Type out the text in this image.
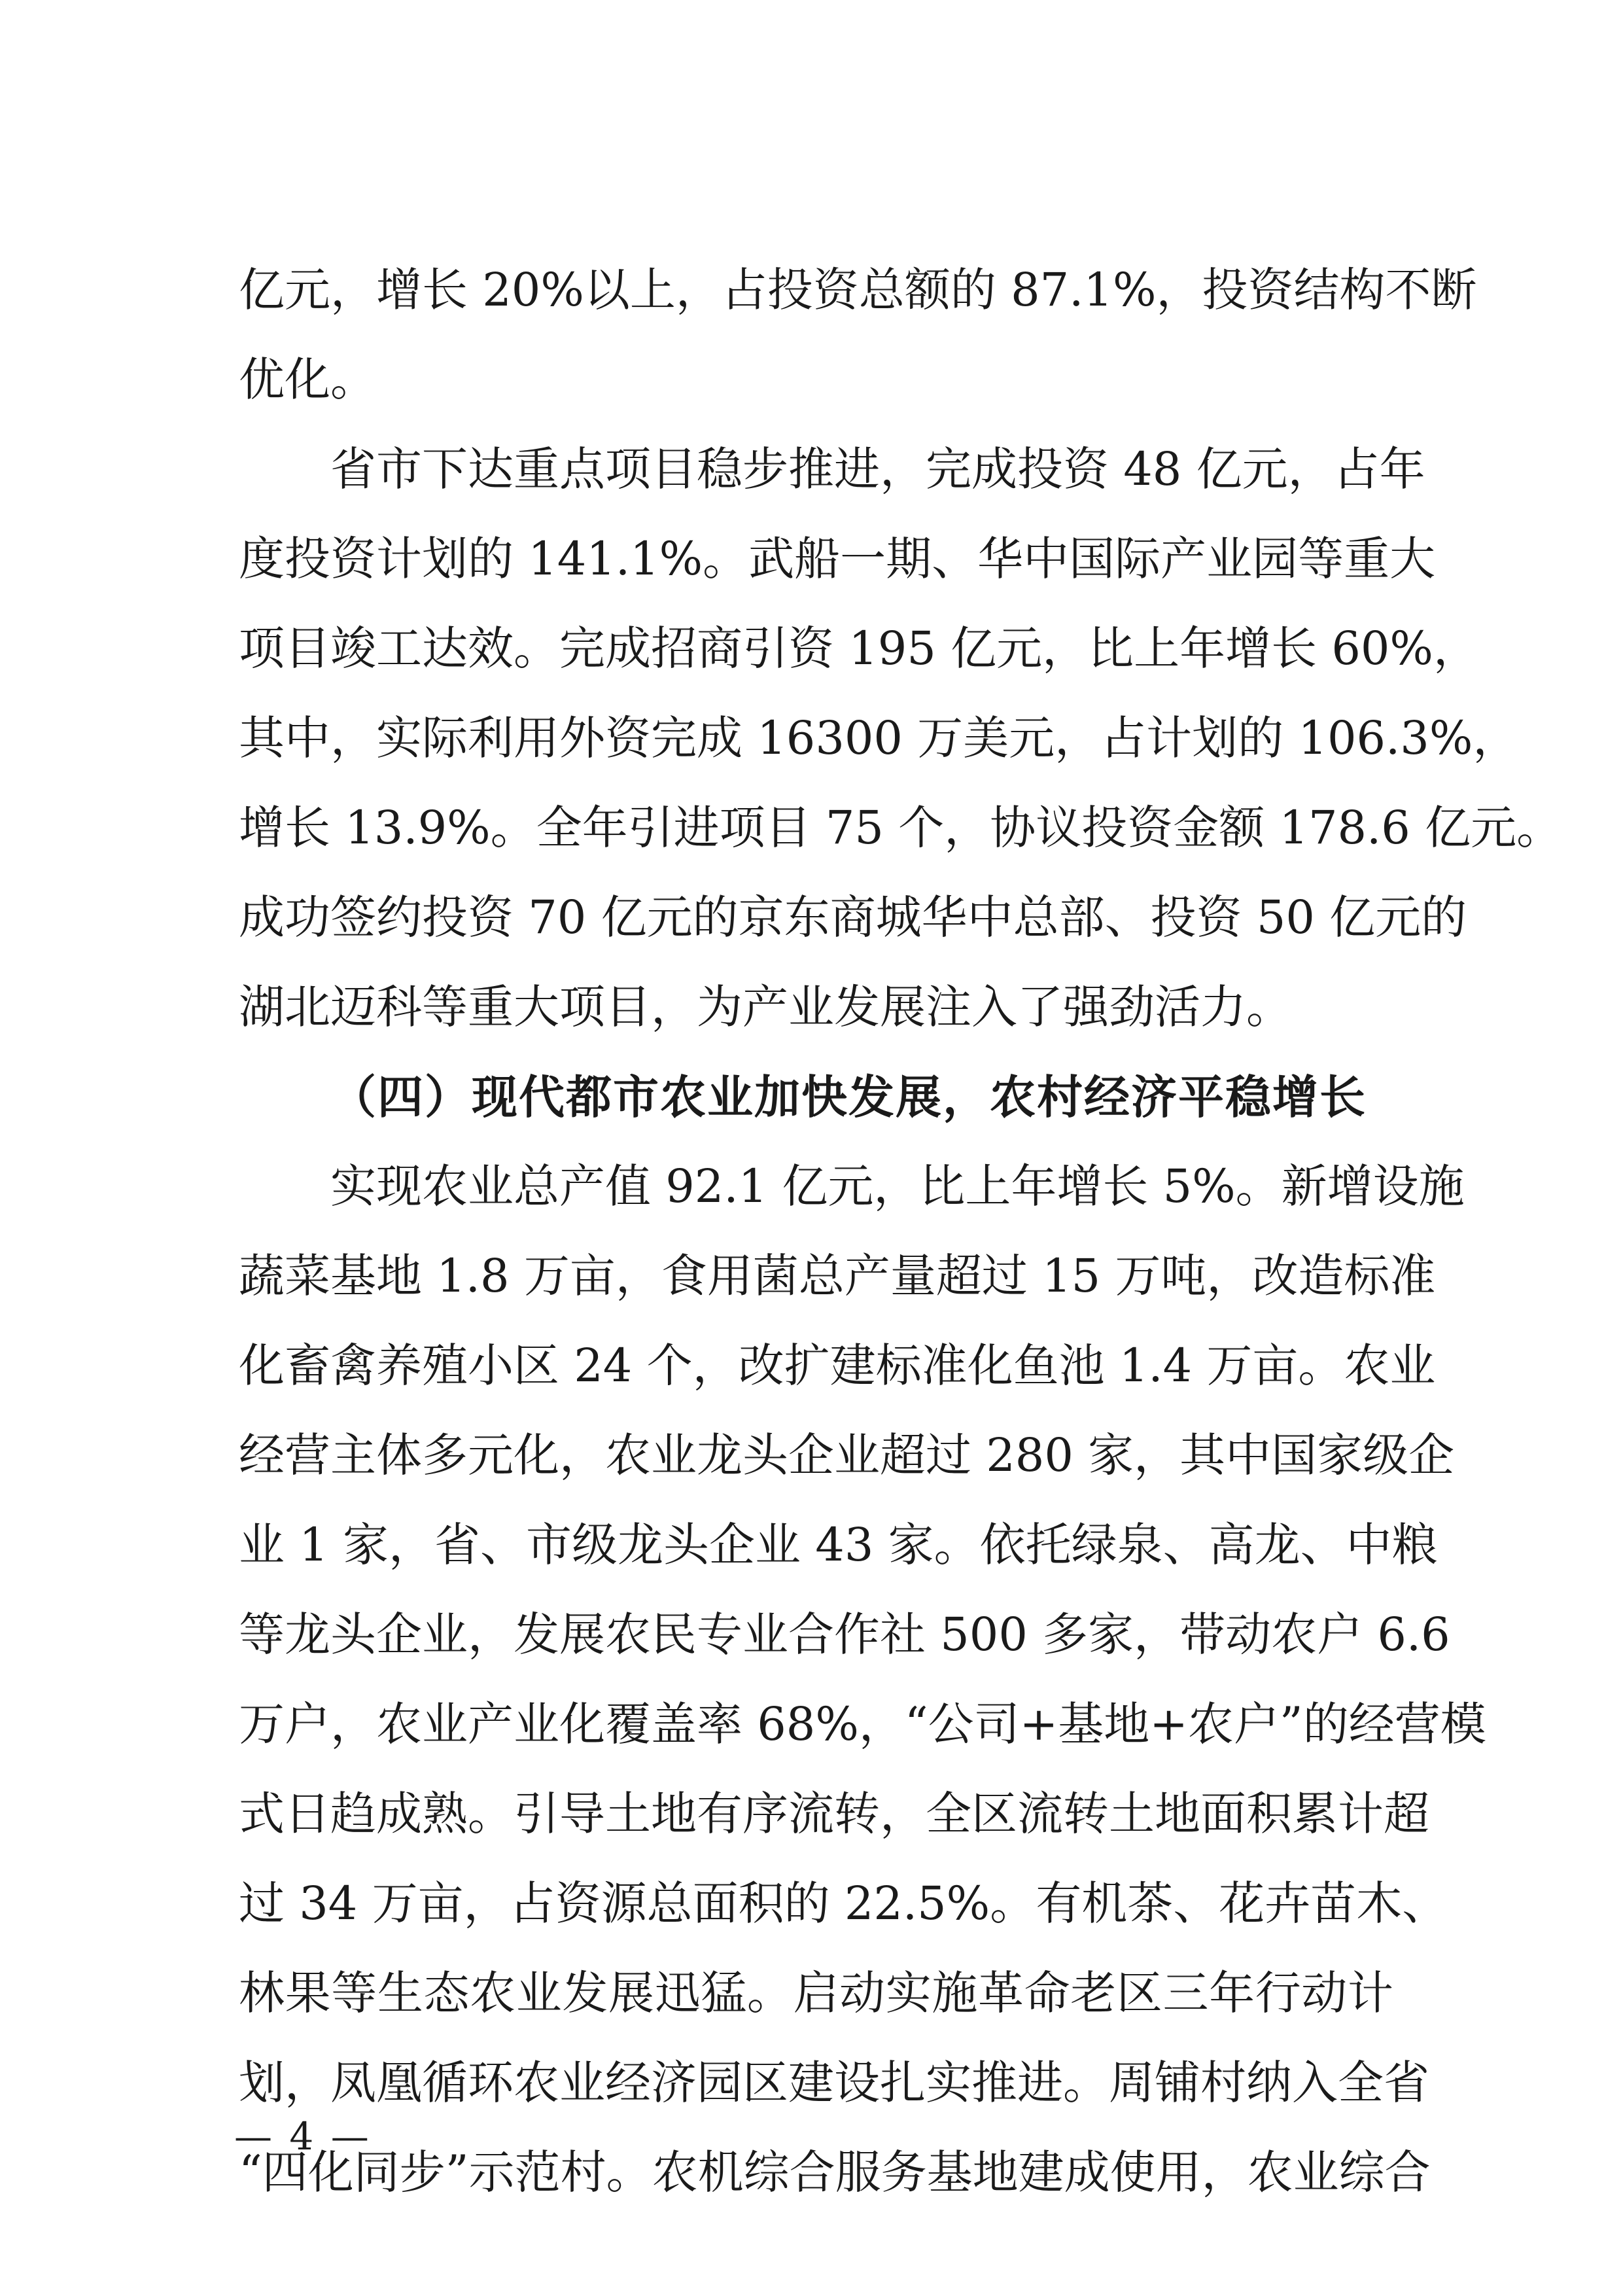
亿元，增长 20%以上，占投资总额的 87.1%，投资结构不断
优化。
省市下达重点项目稳步推进，完成投资 48 亿元，占年
度投资计划的 141.1%。武船一期、华中国际产业园等重大
项目竣工达效。完成招商引资 195 亿元，比上年增长 60%，
其中，实际利用外资完成 16300 万美元，占计划的 106.3%，
增长 13.9%。全年引进项目 75 个，协议投资金额 178.6 亿元。
成功签约投资 70 亿元的京东商城华中总部、投资 50 亿元的
湖北迈科等重大项目，为产业发展注入了强劲活力。
（四）现代都市农业加快发展，农村经济平稳增长
实现农业总产值 92.1 亿元，比上年增长 5%。新增设施
蔬菜基地 1.8 万亩，食用菌总产量超过 15 万吨，改造标准
化畜禽养殖小区 24 个，改扩建标准化鱼池 1.4 万亩。农业
经营主体多元化，农业龙头企业超过 280 家，其中国家级企
业 1 家，省、市级龙头企业 43 家。依托绿泉、高龙、中粮
等龙头企业，发展农民专业合作社 500 多家，带动农户 6.6
万户，农业产业化覆盖率 68%，“公司+基地+农户”的经营模
式日趋成熟。引导土地有序流转，全区流转土地面积累计超
过 34 万亩，占资源总面积的 22.5%。有机茶、花卉苗木、
林果等生态农业发展迅猛。启动实施革命老区三年行动计
划，凤凰循环农业经济园区建设扎实推进。周铺村纳入全省
“四化同步”示范村。农机综合服务基地建成使用，农业综合
— 4 —
